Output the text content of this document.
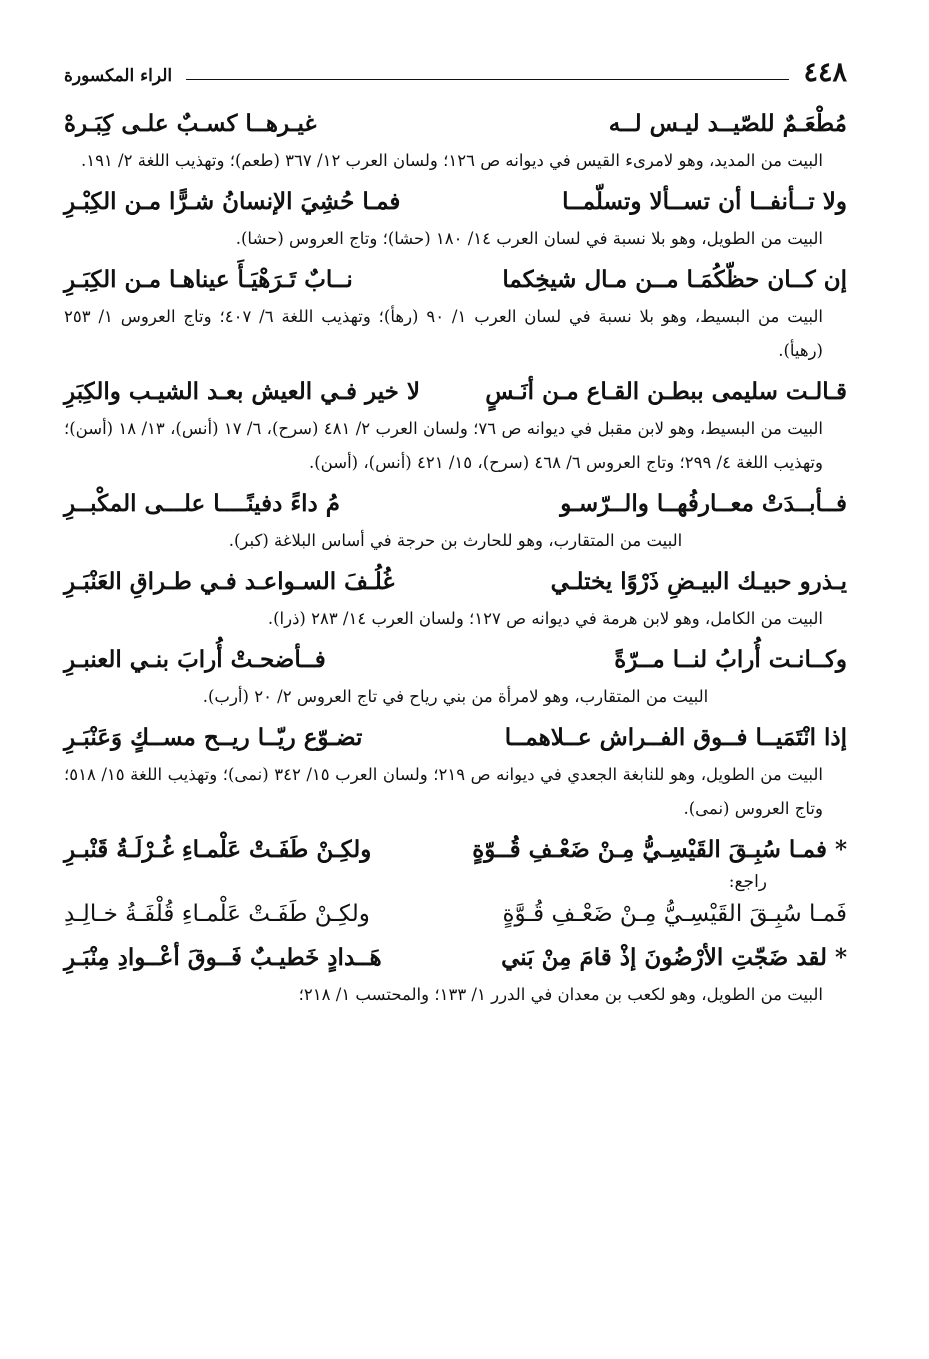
٤٤٨
الراء المكسورة
مُطْعَـمٌ للصّيــد ليـس لــه
غيـرهــا كسـبٌ علـى كِبَـرهْ
البيت من المديد، وهو لامرىء القيس في ديوانه ص ١٢٦؛ ولسان العرب ١٢/ ٣٦٧ (طعم)؛ وتهذيب اللغة ٢/ ١٩١.
ولا تــأنفــا أن تســألا وتسلّمــا
فمـا حُشِيَ الإنسانُ شـرًّا مـن الكِبْـرِ
البيت من الطويل، وهو بلا نسبة في لسان العرب ١٤/ ١٨٠ (حشا)؛ وتاج العروس (حشا).
إن كــان حظّكُمَـا مــن مـال شيخِكما
نــابٌ تَـرَهْيَـأَ عيناهـا مـن الكِبَـرِ
البيت من البسيط، وهو بلا نسبة في لسان العرب ١/ ٩٠ (رهأ)؛ وتهذيب اللغة ٦/ ٤٠٧؛ وتاج العروس ١/ ٢٥٣ (رهيأ).
قـالـت سليمى ببطـن القـاع مـن أنَـسٍ
لا خير فـي العيش بعـد الشيـب والكِبَرِ
البيت من البسيط، وهو لابن مقبل في ديوانه ص ٧٦؛ ولسان العرب ٢/ ٤٨١ (سرح)، ٦/ ١٧ (أنس)، ١٣/ ١٨ (أسن)؛ وتهذيب اللغة ٤/ ٢٩٩؛ وتاج العروس ٦/ ٤٦٨ (سرح)، ١٥/ ٤٢١ (أنس)، (أسن).
فــأبــدَتْ معــارفُهــا والــرّسـو
مُ داءً دفينًــــا علـــى المكْبــرِ
البيت من المتقارب، وهو للحارث بن حرجة في أساس البلاغة (كبر).
يـذرو حبيـك البيـضِ ذَرْوًا يختلـي
غُلُـفَ السـواعـد فـي طـراقِ العَنْبَـرِ
البيت من الكامل، وهو لابن هرمة في ديوانه ص ١٢٧؛ ولسان العرب ١٤/ ٢٨٣ (ذرا).
وكــانـت أُرابُ لنــا مــرّةً
فــأضحـتْ أُرابَ بنـي العنبـرِ
البيت من المتقارب، وهو لامرأة من بني رياح في تاج العروس ٢/ ٢٠ (أرب).
إذا انْتَمَيــا فــوق الفــراش عــلاهمــا
تضـوّع ريّــا ريــح مســكٍ وَعَنْبَـرِ
البيت من الطويل، وهو للنابغة الجعدي في ديوانه ص ٢١٩؛ ولسان العرب ١٥/ ٣٤٢ (نمى)؛ وتهذيب اللغة ١٥/ ٥١٨؛ وتاج العروس (نمى).
*فمـا سُبِـقَ القَيْسِـيُّ مِـنْ ضَعْـفِ قُــوّةٍ
ولكِـنْ طَفَـتْ عَلْمـاءِ غُـرْلَـةُ قَنْبـرِ
راجع:
فَمـا سُبِـقَ القَيْسِـيُّ مِـنْ ضَعْـفِ قُـوَّةٍ
ولكِـنْ طَفَـتْ عَلْمـاءِ قُلْفَـةُ خـالِـدِ
*لقد ضَجّتِ الأرْضُونَ إذْ قامَ مِنْ بَني
هَــدادٍ خَطيـبٌ فَــوقَ أعْــوادِ مِنْبَـرِ
البيت من الطويل، وهو لكعب بن معدان في الدرر ١/ ١٣٣؛ والمحتسب ١/ ٢١٨؛
